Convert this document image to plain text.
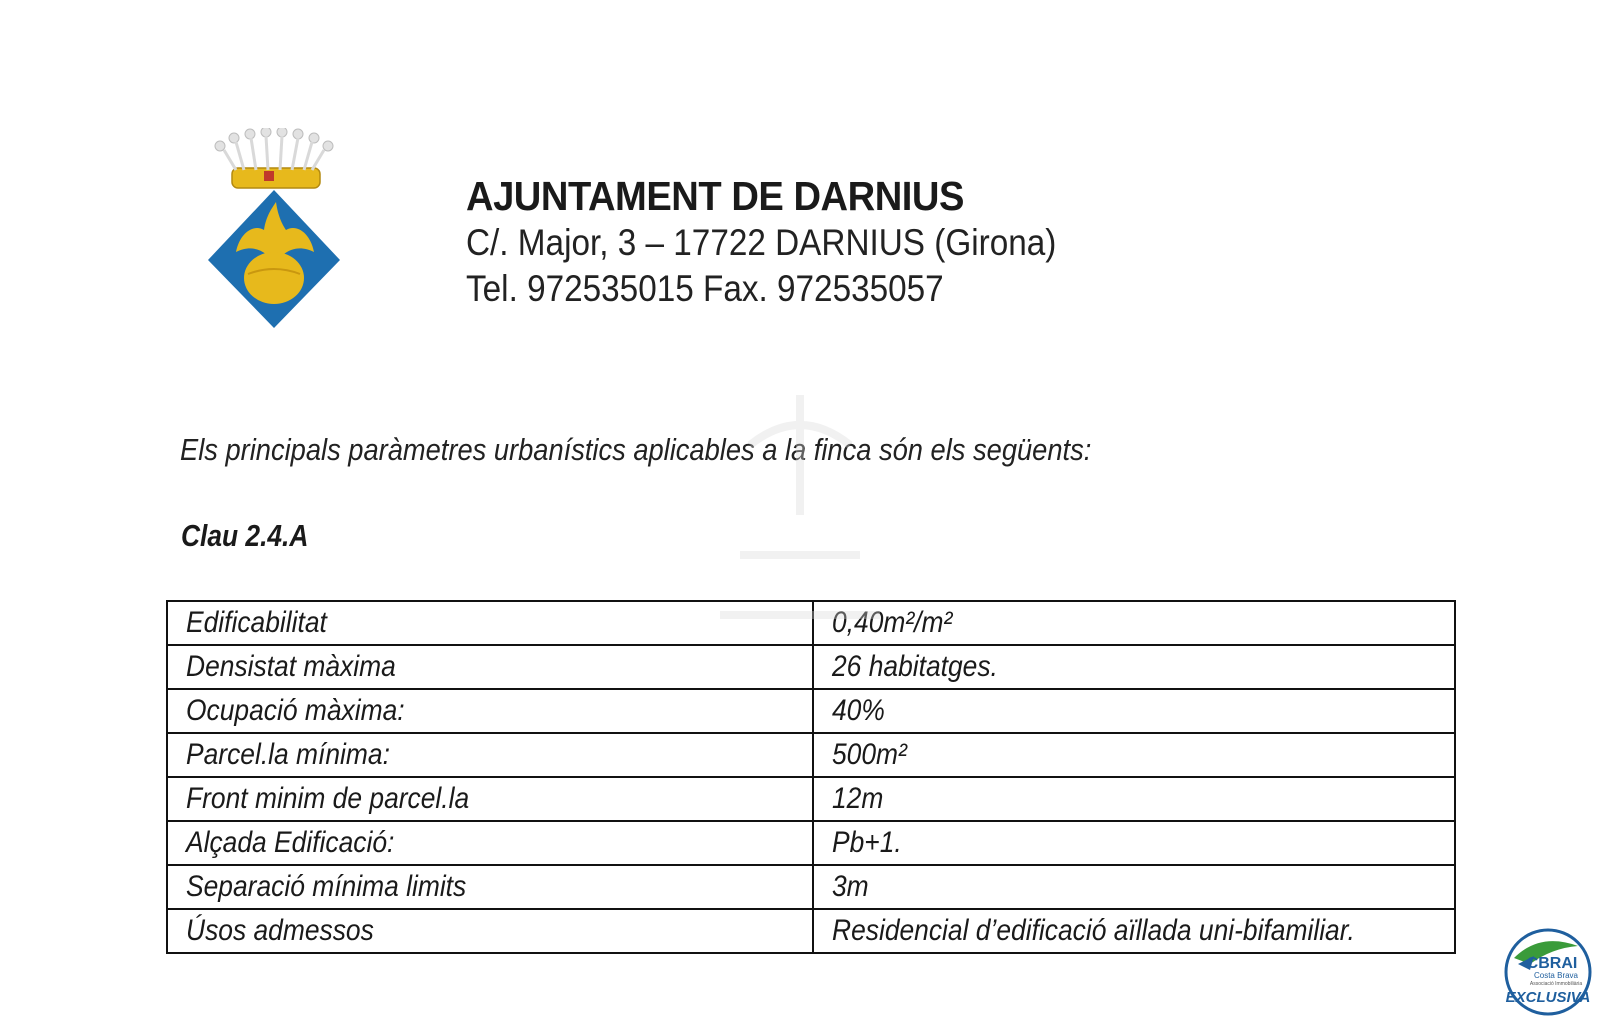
AJUNTAMENT DE DARNIUS
C/. Major, 3 – 17722 DARNIUS (Girona)
Tel. 972535015 Fax. 972535057
Els principals paràmetres urbanístics aplicables a la finca són els següents:
Clau 2.4.A
Edificabilitat	0,40m²/m²
Densistat màxima	26 habitatges.
Ocupació màxima:	40%
Parcel.la mínima:	500m²
Front minim de parcel.la	12m
Alçada Edificació:	Pb+1.
Separació mínima limits	3m
Úsos admessos	Residencial d’edificació aïllada uni-bifamiliar.
CBRAI
Costa Brava
Associació Immobiliària
EXCLUSIVA
